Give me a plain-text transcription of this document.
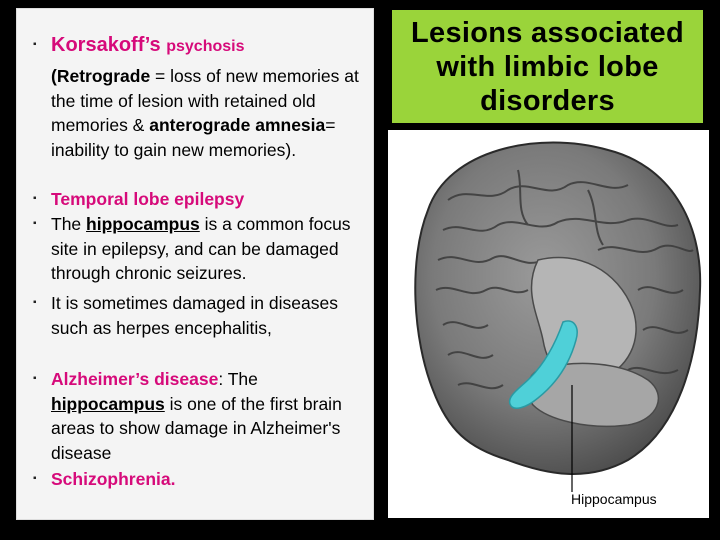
▪ Korsakoff’s psychosis
(Retrograde = loss of new memories at the time of lesion with retained old memories & anterograde amnesia= inability to gain new memories).
▪ Temporal lobe epilepsy
▪ The hippocampus is a common focus site in epilepsy, and can be damaged through chronic seizures.
▪ It is sometimes damaged in diseases such as herpes encephalitis,
▪ Alzheimer’s disease: The hippocampus is one of the first brain areas to show damage in Alzheimer's disease
▪ Schizophrenia.
Lesions associated with limbic lobe disorders
Hippocampus
